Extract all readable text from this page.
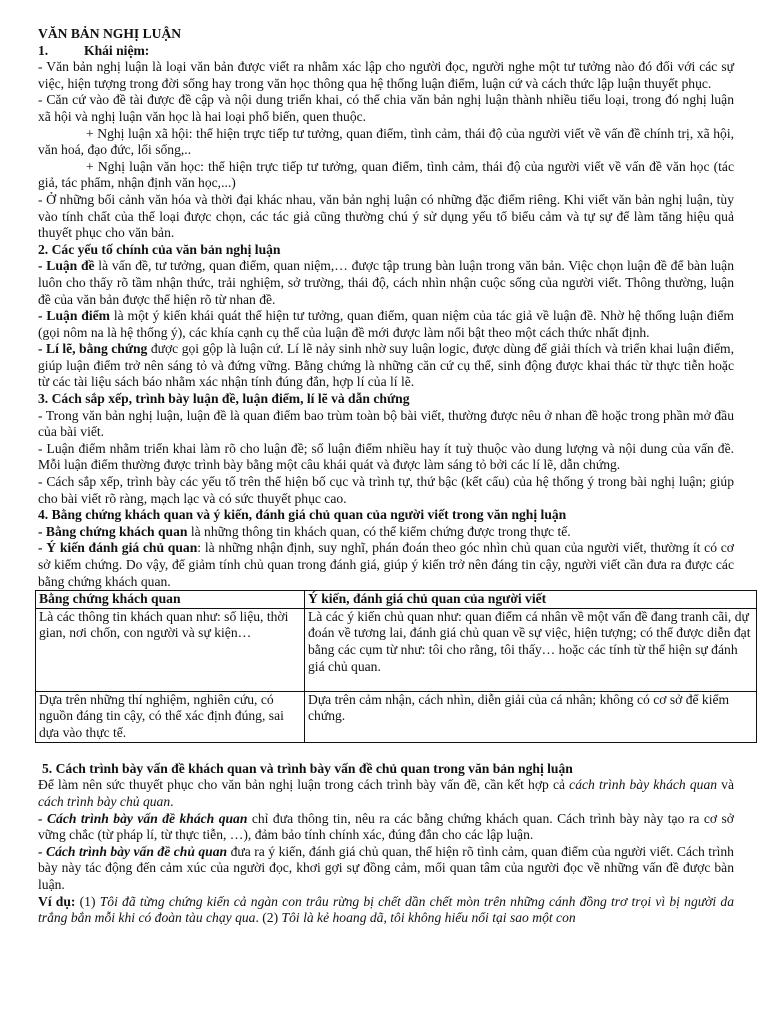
VĂN BẢN NGHỊ LUẬN

1.	Khái niệm:

- Văn bản nghị luận là loại văn bản được viết ra nhằm xác lập cho người đọc, người nghe một tư tưởng nào đó đối với các sự việc, hiện tượng trong đời sống hay trong văn học thông qua hệ thống luận điểm, luận cứ và cách thức lập luận thuyết phục.

- Căn cứ vào đề tài được đề cập và nội dung triển khai, có thể chia văn bản nghị luận thành nhiều tiểu loại, trong đó nghị luận xã hội và nghị luận văn học là hai loại phổ biến, quen thuộc.

+ Nghị luận xã hội: thể hiện trực tiếp tư tưởng, quan điểm, tình cảm, thái độ của người viết về vấn đề chính trị, xã hội, văn hoá, đạo đức, lối sống,..

+ Nghị luận văn học: thể hiện trực tiếp tư tưởng, quan điểm, tình cảm, thái độ của người viết về vấn đề văn học (tác giả, tác phẩm, nhận định văn học,...)

- Ở những bối cảnh văn hóa và thời đại khác nhau, văn bản nghị luận có những đặc điểm riêng. Khi viết văn bản nghị luận, tùy vào tính chất của thể loại được chọn, các tác giả cũng thường chú ý sử dụng yếu tố biểu cảm và tự sự để làm tăng hiệu quả thuyết phục cho văn bản.

2. Các yếu tố chính của văn bản nghị luận

- Luận đề là vấn đề, tư tưởng, quan điểm, quan niệm,… được tập trung bàn luận trong văn bản. Việc chọn luận đề để bàn luận luôn cho thấy rõ tầm nhận thức, trải nghiệm, sở trường, thái độ, cách nhìn nhận cuộc sống của người viết. Thông thường, luận đề của văn bản được thể hiện rõ từ nhan đề.

- Luận điểm là một ý kiến khái quát thể hiện tư tưởng, quan điểm, quan niệm của tác giả về luận đề. Nhờ hệ thống luận điểm (gọi nôm na là hệ thống ý), các khía cạnh cụ thể của luận đề mới được làm nổi bật theo một cách thức nhất định.

- Lí lẽ, bằng chứng được gọi gộp là luận cứ. Lí lẽ nảy sinh nhờ suy luận logic, được dùng để giải thích và triển khai luận điểm, giúp luận điểm trở nên sáng tỏ và đứng vững. Bằng chứng là những căn cứ cụ thể, sinh động được khai thác từ thực tiễn hoặc từ các tài liệu sách báo nhằm xác nhận tính đúng đắn, hợp lí của lí lẽ.

3. Cách sắp xếp, trình bày luận đề, luận điểm, lí lẽ và dẫn chứng

- Trong văn bản nghị luận, luận đề là quan điểm bao trùm toàn bộ bài viết, thường được nêu ở nhan đề hoặc trong phần mở đầu của bài viết.

- Luận điểm nhằm triển khai làm rõ cho luận đề; số luận điểm nhiều hay ít tuỳ thuộc vào dung lượng và nội dung của vấn đề. Mỗi luận điểm thường được trình bày bằng một câu khái quát và được làm sáng tỏ bởi các lí lẽ, dẫn chứng.

- Cách sắp xếp, trình bày các yếu tố trên thể hiện bố cục và trình tự, thứ bậc (kết cấu) của hệ thống ý trong bài nghị luận; giúp cho bài viết rõ ràng, mạch lạc và có sức thuyết phục cao.

4. Bằng chứng khách quan và ý kiến, đánh giá chủ quan của người viết trong văn nghị luận

- Bằng chứng khách quan là những thông tin khách quan, có thể kiểm chứng được trong thực tế.

- Ý kiến đánh giá chủ quan: là những nhận định, suy nghĩ, phán đoán theo góc nhìn chủ quan của người viết, thường ít có cơ sở kiểm chứng. Do vậy, để giảm tính chủ quan trong đánh giá, giúp ý kiến trở nên đáng tin cậy, người viết cần đưa ra được các bằng chứng khách quan.

Bằng chứng khách quan	Ý kiến, đánh giá chủ quan của người viết
Là các thông tin khách quan như: số liệu, thời gian, nơi chốn, con người và sự kiện…	Là các ý kiến chủ quan như: quan điểm cá nhân về một vấn đề đang tranh cãi, dự đoán về tương lai, đánh giá chủ quan về sự việc, hiện tượng; có thể được diễn đạt bằng các cụm từ như: tôi cho rằng, tôi thấy… hoặc các tính từ thể hiện sự đánh giá chủ quan.
Dựa trên những thí nghiệm, nghiên cứu, có nguồn đáng tin cậy, có thể xác định đúng, sai dựa vào thực tế.	Dựa trên cảm nhận, cách nhìn, diễn giải của cá nhân; không có cơ sở để kiểm chứng.

5. Cách trình bày vấn đề khách quan và trình bày vấn đề chủ quan trong văn bản nghị luận

Để làm nên sức thuyết phục cho văn bản nghị luận trong cách trình bày vấn đề, cần kết hợp cả cách trình bày khách quan và cách trình bày chủ quan.

- Cách trình bày vấn đề khách quan chỉ đưa thông tin, nêu ra các bằng chứng khách quan. Cách trình bày này tạo ra cơ sở vững chắc (từ pháp lí, từ thực tiễn, …), đảm bảo tính chính xác, đúng đắn cho các lập luận.

- Cách trình bày vấn đề chủ quan đưa ra ý kiến, đánh giá chủ quan, thể hiện rõ tình cảm, quan điểm của người viết. Cách trình bày này tác động đến cảm xúc của người đọc, khơi gợi sự đồng cảm, mối quan tâm của người đọc về những vấn đề được bàn luận.

Ví dụ: (1) Tôi đã từng chứng kiến cả ngàn con trâu rừng bị chết dần chết mòn trên những cánh đồng trơ trọi vì bị người da trắng bắn mỗi khi có đoàn tàu chạy qua. (2) Tôi là kẻ hoang dã, tôi không hiểu nổi tại sao một con
